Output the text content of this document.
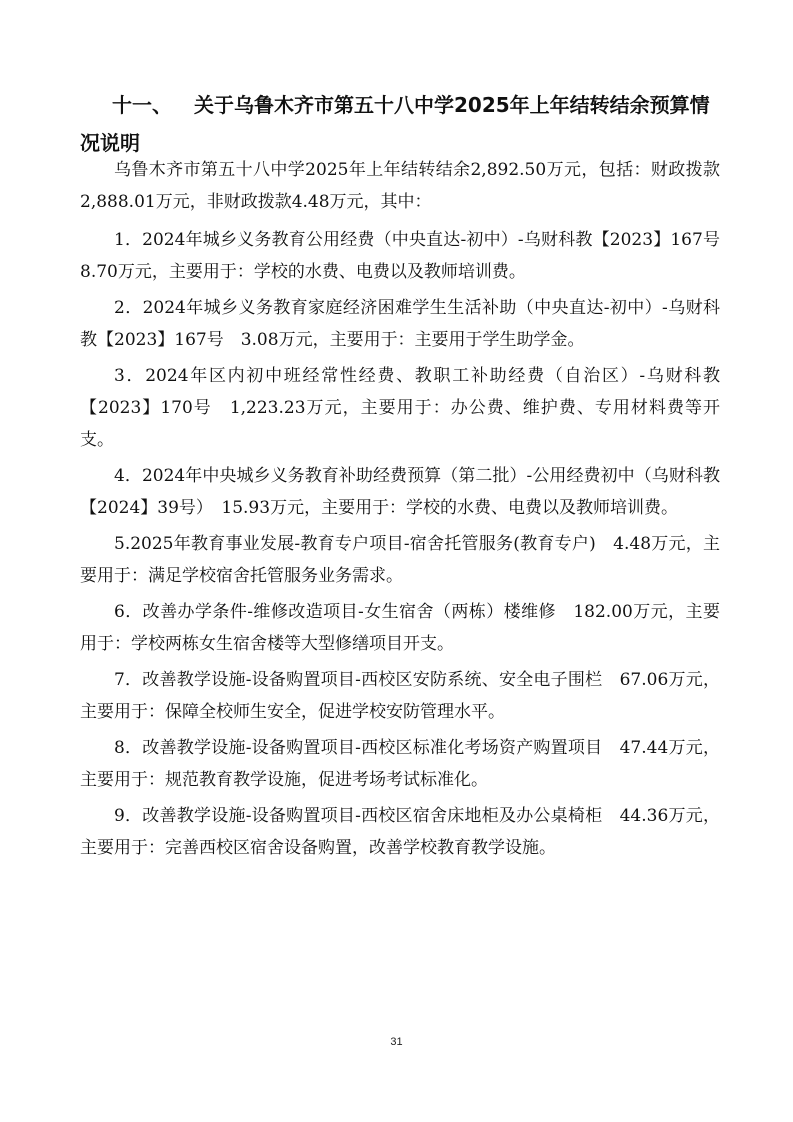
十一、 关于乌鲁木齐市第五十八中学2025年上年结转结余预算情况说明

乌鲁木齐市第五十八中学2025年上年结转结余2,892.50万元，包括：财政拨款2,888.01万元，非财政拨款4.48万元，其中：

1．2024年城乡义务教育公用经费（中央直达-初中）-乌财科教【2023】167号　8.70万元，主要用于：学校的水费、电费以及教师培训费。

2．2024年城乡义务教育家庭经济困难学生生活补助（中央直达-初中）-乌财科教【2023】167号　3.08万元，主要用于：主要用于学生助学金。

3．2024年区内初中班经常性经费、教职工补助经费（自治区）-乌财科教【2023】170号　1,223.23万元，主要用于：办公费、维护费、专用材料费等开支。

4．2024年中央城乡义务教育补助经费预算（第二批）-公用经费初中（乌财科教【2024】39号）　15.93万元，主要用于：学校的水费、电费以及教师培训费。

5.2025年教育事业发展-教育专户项目-宿舍托管服务(教育专户)　4.48万元，主要用于：满足学校宿舍托管服务业务需求。

6．改善办学条件-维修改造项目-女生宿舍（两栋）楼维修　182.00万元，主要用于：学校两栋女生宿舍楼等大型修缮项目开支。

7．改善教学设施-设备购置项目-西校区安防系统、安全电子围栏　67.06万元，主要用于：保障全校师生安全，促进学校安防管理水平。

8．改善教学设施-设备购置项目-西校区标准化考场资产购置项目　47.44万元，主要用于：规范教育教学设施，促进考场考试标准化。

9．改善教学设施-设备购置项目-西校区宿舍床地柜及办公桌椅柜　44.36万元，主要用于：完善西校区宿舍设备购置，改善学校教育教学设施。

31
